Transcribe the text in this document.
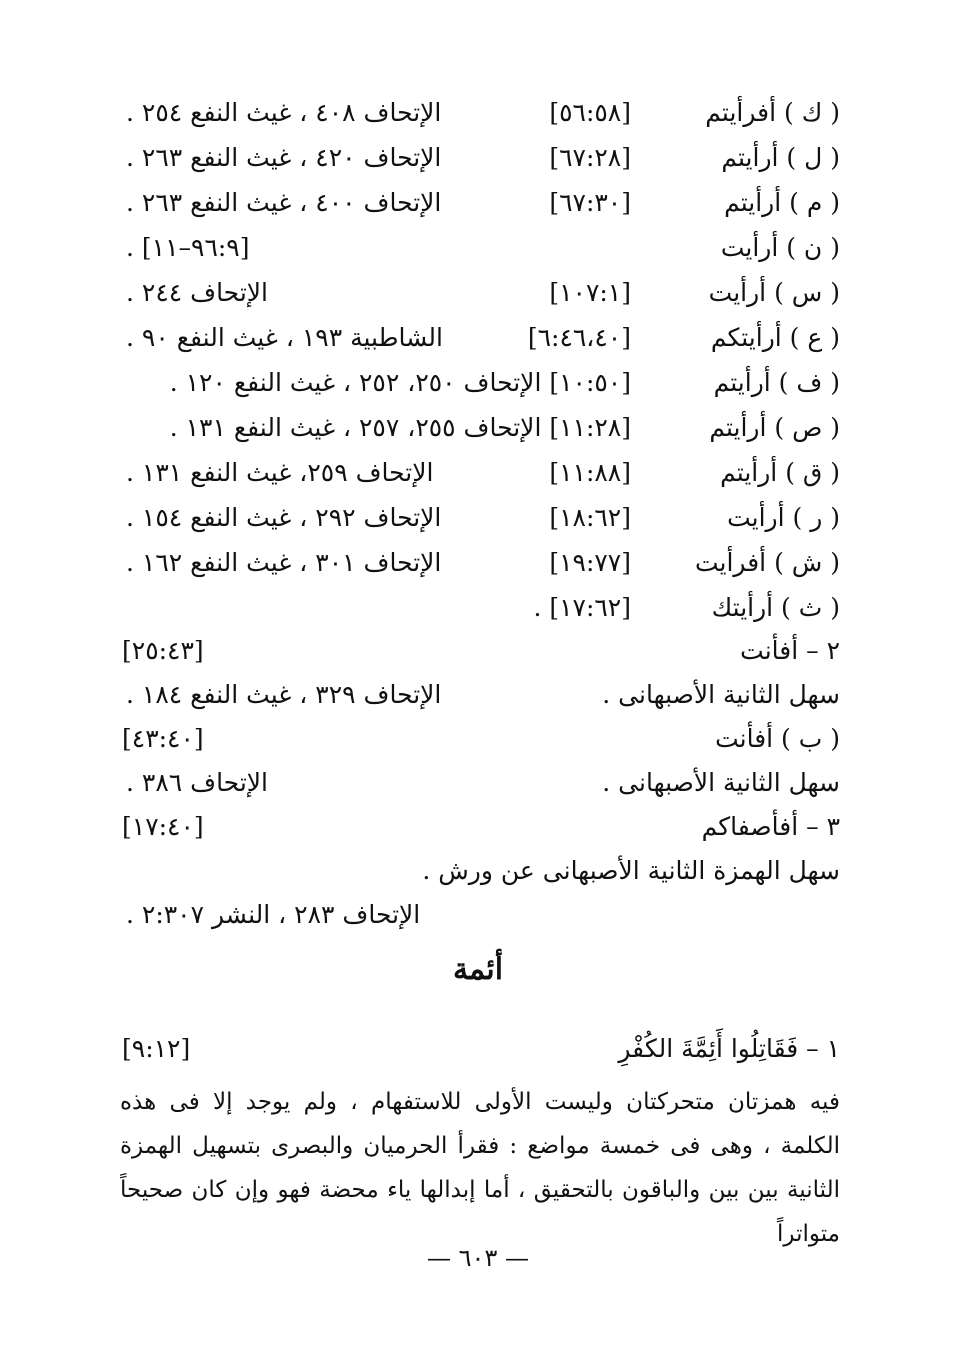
( ك ) أفرأيتم
[٥٦:٥٨]
الإتحاف ٤٠٨ ، غيث النفع ٢٥٤ .
( ل ) أرأيتم
[٦٧:٢٨]
الإتحاف ٤٢٠ ، غيث النفع ٢٦٣ .
( م ) أرأيتم
[٦٧:٣٠]
الإتحاف ٤٠٠ ، غيث النفع ٢٦٣ .
( ن ) أرأيت
[٩٦:٩–١١] .
( س ) أرأيت
[١٠٧:١]
الإتحاف ٢٤٤ .
( ع ) أرأيتكم
[٦:٤٦،٤٠]
الشاطبية ١٩٣ ، غيث النفع ٩٠ .
( ف ) أرأيتم
[١٠:٥٠] الإتحاف ٢٥٠، ٢٥٢ ، غيث النفع ١٢٠ .
( ص ) أرأيتم
[١١:٢٨] الإتحاف ٢٥٥، ٢٥٧ ، غيث النفع ١٣١ .
( ق ) أرأيتم
[١١:٨٨]
الإتحاف ٢٥٩، غيث النفع ١٣١ .
( ر ) أرأيت
[١٨:٦٢]
الإتحاف ٢٩٢ ، غيث النفع ١٥٤ .
( ش ) أفرأيت
[١٩:٧٧]
الإتحاف ٣٠١ ، غيث النفع ١٦٢ .
( ث ) أرأيتك
[١٧:٦٢] .
٢ – أفأنت
[٢٥:٤٣]
سهل الثانية الأصبهانى .
الإتحاف ٣٢٩ ، غيث النفع ١٨٤ .
( ب ) أفأنت
[٤٣:٤٠]
سهل الثانية الأصبهانى .
الإتحاف ٣٨٦ .
٣ – أفأصفاكم
[١٧:٤٠]
سهل الهمزة الثانية الأصبهانى عن ورش .
الإتحاف ٢٨٣ ، النشر ٢:٣٠٧ .
أئمة
١ – فَقَاتِلُوا أَئِمَّةَ الكُفْرِ
[٩:١٢]
فيه همزتان متحركتان وليست الأولى للاستفهام ، ولم يوجد إلا فى هذه الكلمة ، وهى فى خمسة مواضع : فقرأ الحرميان والبصرى بتسهيل الهمزة الثانية بين بين والباقون بالتحقيق ، أما إبدالها ياء محضة فهو وإن كان صحيحاً متواتراً
— ٦٠٣ —
